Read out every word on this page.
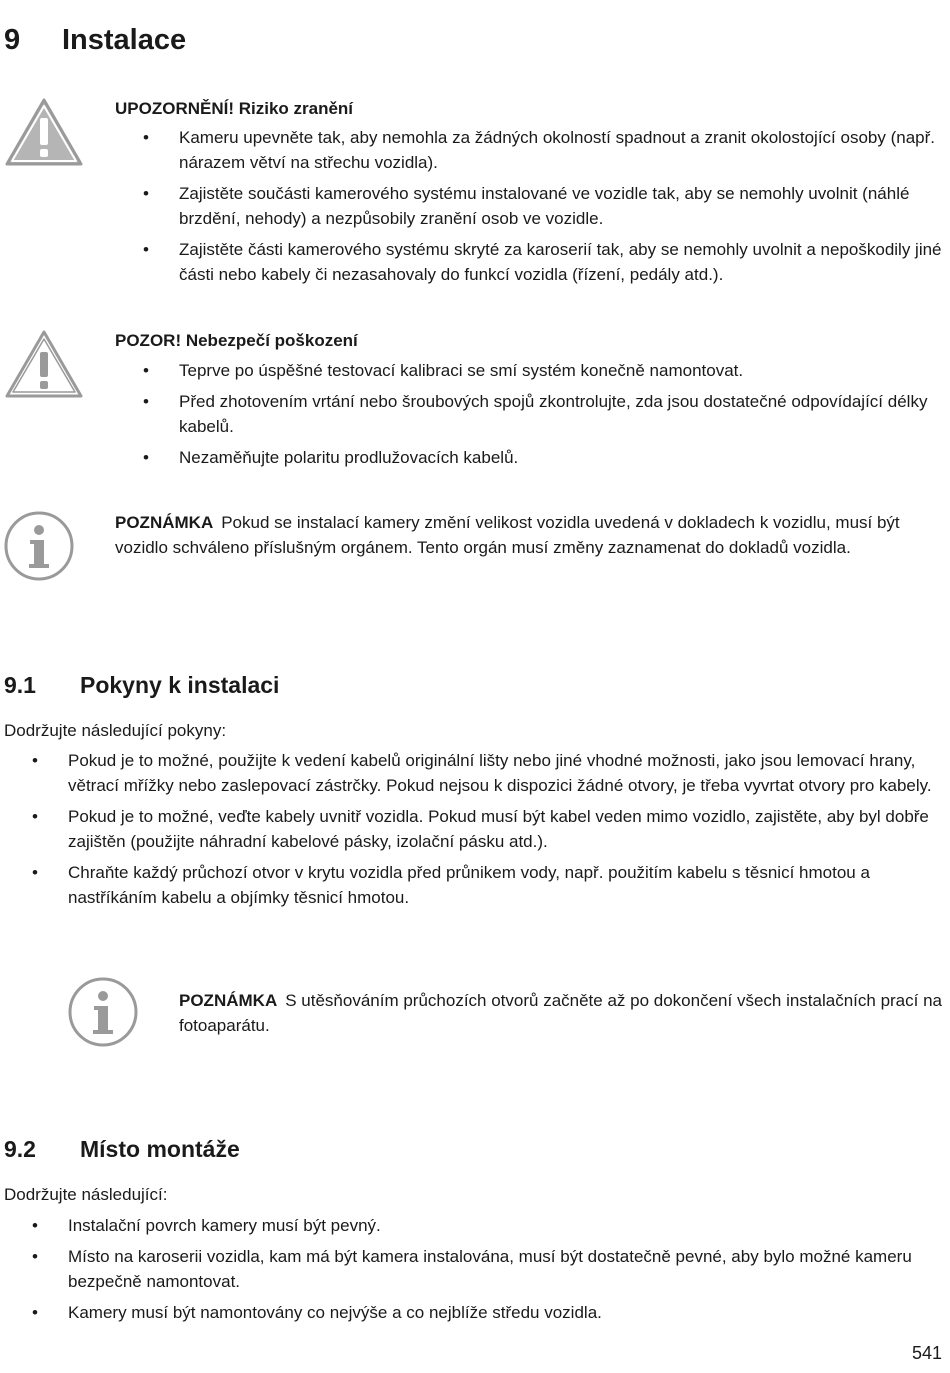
9 Instalace
UPOZORNĚNÍ! Riziko zranění
• Kameru upevněte tak, aby nemohla za žádných okolností spadnout a zranit okolostojící osoby (např. nárazem větví na střechu vozidla).
• Zajistěte součásti kamerového systému instalované ve vozidle tak, aby se nemohly uvolnit (náhlé brzdění, nehody) a nezpůsobily zranění osob ve vozidle.
• Zajistěte části kamerového systému skryté za karoserií tak, aby se nemohly uvolnit a nepoškodily jiné části nebo kabely či nezasahovaly do funkcí vozidla (řízení, pedály atd.).
POZOR! Nebezpečí poškození
• Teprve po úspěšné testovací kalibraci se smí systém konečně namontovat.
• Před zhotovením vrtání nebo šroubových spojů zkontrolujte, zda jsou dostatečné odpovídající délky kabelů.
• Nezaměňujte polaritu prodlužovacích kabelů.
POZNÁMKA Pokud se instalací kamery změní velikost vozidla uvedená v dokladech k vozidlu, musí být vozidlo schváleno příslušným orgánem. Tento orgán musí změny zaznamenat do dokladů vozidla.
9.1 Pokyny k instalaci
Dodržujte následující pokyny:
• Pokud je to možné, použijte k vedení kabelů originální lišty nebo jiné vhodné možnosti, jako jsou lemovací hrany, větrací mřížky nebo zaslepovací zástrčky. Pokud nejsou k dispozici žádné otvory, je třeba vyvrtat otvory pro kabely.
• Pokud je to možné, veďte kabely uvnitř vozidla. Pokud musí být kabel veden mimo vozidlo, zajistěte, aby byl dobře zajištěn (použijte náhradní kabelové pásky, izolační pásku atd.).
• Chraňte každý průchozí otvor v krytu vozidla před průnikem vody, např. použitím kabelu s těsnicí hmotou a nastříkáním kabelu a objímky těsnicí hmotou.
POZNÁMKA S utěsňováním průchozích otvorů začněte až po dokončení všech instalačních prací na fotoaparátu.
9.2 Místo montáže
Dodržujte následující:
• Instalační povrch kamery musí být pevný.
• Místo na karoserii vozidla, kam má být kamera instalována, musí být dostatečně pevné, aby bylo možné kameru bezpečně namontovat.
• Kamery musí být namontovány co nejvýše a co nejblíže středu vozidla.
541
